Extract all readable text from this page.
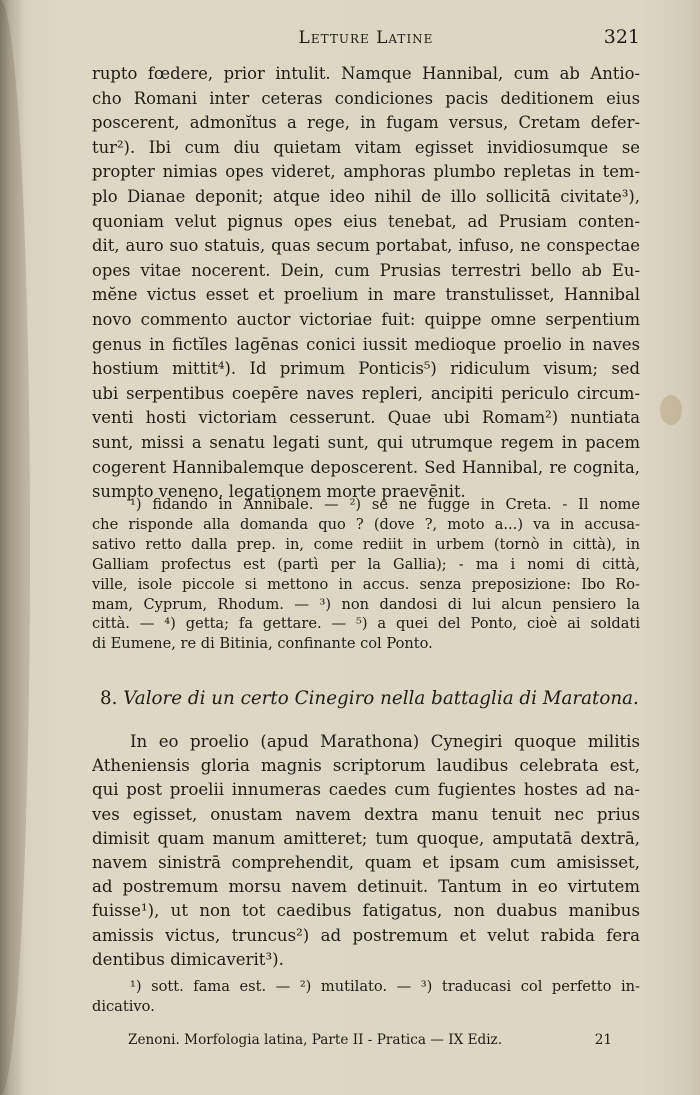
Letture Latine	321
rupto fœdere, prior intulit. Namque Hannibal, cum ab Antio-
cho Romani inter ceteras condiciones pacis deditionem eius
poscerent, admonĭtus a rege, in fugam versus, Cretam defer-
tur²). Ibi cum diu quietam vitam egisset invidiosumque se
propter nimias opes videret, amphoras plumbo repletas in tem-
plo Dianae deponit; atque ideo nihil de illo sollicitā civitate³),
quoniam velut pignus opes eius tenebat, ad Prusiam conten-
dit, auro suo statuis, quas secum portabat, infuso, ne conspectae
opes vitae nocerent. Dein, cum Prusias terrestri bello ab Eu-
mĕne victus esset et proelium in mare transtulisset, Hannibal
novo commento auctor victoriae fuit: quippe omne serpentium
genus in fictĭles lagēnas conici iussit medioque proelio in naves
hostium mittit⁴). Id primum Ponticis⁵) ridiculum visum; sed
ubi serpentibus coepēre naves repleri, ancipiti periculo circum-
venti hosti victoriam cesserunt. Quae ubi Romam²) nuntiata
sunt, missi a senatu legati sunt, qui utrumque regem in pacem
cogerent Hannibalemque deposcerent. Sed Hannibal, re cognita,
sumpto veneno, legationem morte praevēnit.
¹) fidando in Annibale. — ²) se ne fugge in Creta. - Il nome
che risponde alla domanda quo ? (dove ?, moto a...) va in accusa-
sativo retto dalla prep. in, come rediit in urbem (tornò in città), in
Galliam profectus est (partì per la Gallia); - ma i nomi di città,
ville, isole piccole si mettono in accus. senza preposizione: Ibo Ro-
mam, Cyprum, Rhodum. — ³) non dandosi di lui alcun pensiero la
città. — ⁴) getta; fa gettare. — ⁵) a quei del Ponto, cioè ai soldati
di Eumene, re di Bitinia, confinante col Ponto.
8. Valore di un certo Cinegiro nella battaglia di Maratona.
In eo proelio (apud Marathona) Cynegiri quoque militis
Atheniensis gloria magnis scriptorum laudibus celebrata est,
qui post proelii innumeras caedes cum fugientes hostes ad na-
ves egisset, onustam navem dextra manu tenuit nec prius
dimisit quam manum amitteret; tum quoque, amputatā dextrā,
navem sinistrā comprehendit, quam et ipsam cum amisisset,
ad postremum morsu navem detinuit. Tantum in eo virtutem
fuisse¹), ut non tot caedibus fatigatus, non duabus manibus
amissis victus, truncus²) ad postremum et velut rabida fera
dentibus dimicaverit³).
¹) sott. fama est. — ²) mutilato. — ³) traducasi col perfetto in-
dicativo.
Zenoni. Morfologia latina, Parte II - Pratica — IX Ediz.	21
